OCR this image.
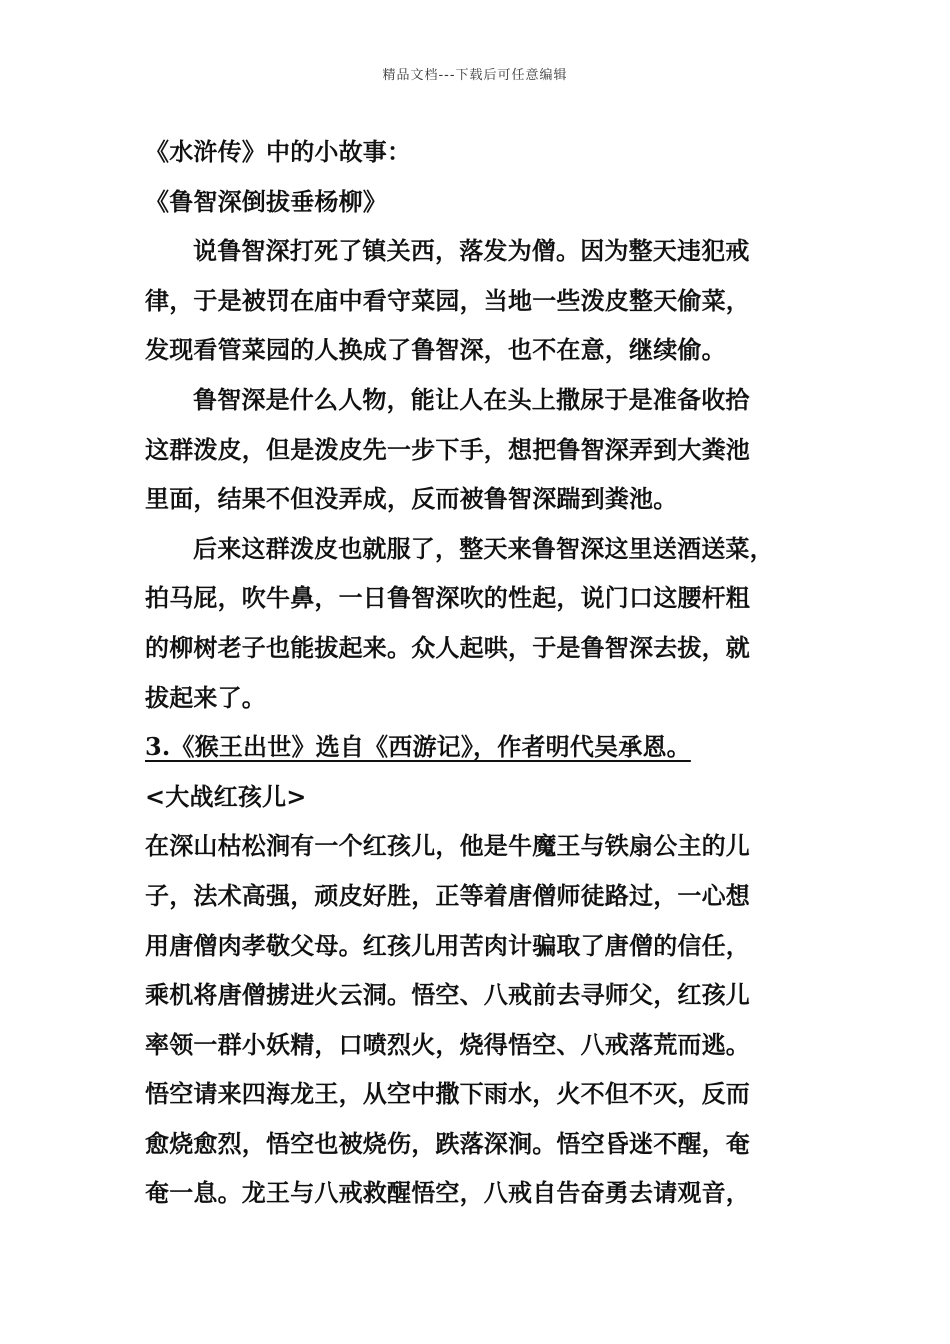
精品文档---下载后可任意编辑
《水浒传》中的小故事：
《鲁智深倒拔垂杨柳》
说鲁智深打死了镇关西，落发为僧。因为整天违犯戒
律，于是被罚在庙中看守菜园，当地一些泼皮整天偷菜，
发现看管菜园的人换成了鲁智深，也不在意，继续偷。
鲁智深是什么人物，能让人在头上撒尿于是准备收拾
这群泼皮，但是泼皮先一步下手，想把鲁智深弄到大粪池
里面，结果不但没弄成，反而被鲁智深踹到粪池。
后来这群泼皮也就服了，整天来鲁智深这里送酒送菜，
拍马屁，吹牛鼻，一日鲁智深吹的性起，说门口这腰杆粗
的柳树老子也能拔起来。众人起哄，于是鲁智深去拔，就
拔起来了。
3.《猴王出世》选自《西游记》，作者明代吴承恩。
<大战红孩儿>
在深山枯松涧有一个红孩儿，他是牛魔王与铁扇公主的儿
子，法术高强，顽皮好胜，正等着唐僧师徒路过，一心想
用唐僧肉孝敬父母。红孩儿用苦肉计骗取了唐僧的信任，
乘机将唐僧掳进火云洞。悟空、八戒前去寻师父，红孩儿
率领一群小妖精，口喷烈火，烧得悟空、八戒落荒而逃。
悟空请来四海龙王，从空中撒下雨水，火不但不灭，反而
愈烧愈烈，悟空也被烧伤，跌落深涧。悟空昏迷不醒，奄
奄一息。龙王与八戒救醒悟空，八戒自告奋勇去请观音，
